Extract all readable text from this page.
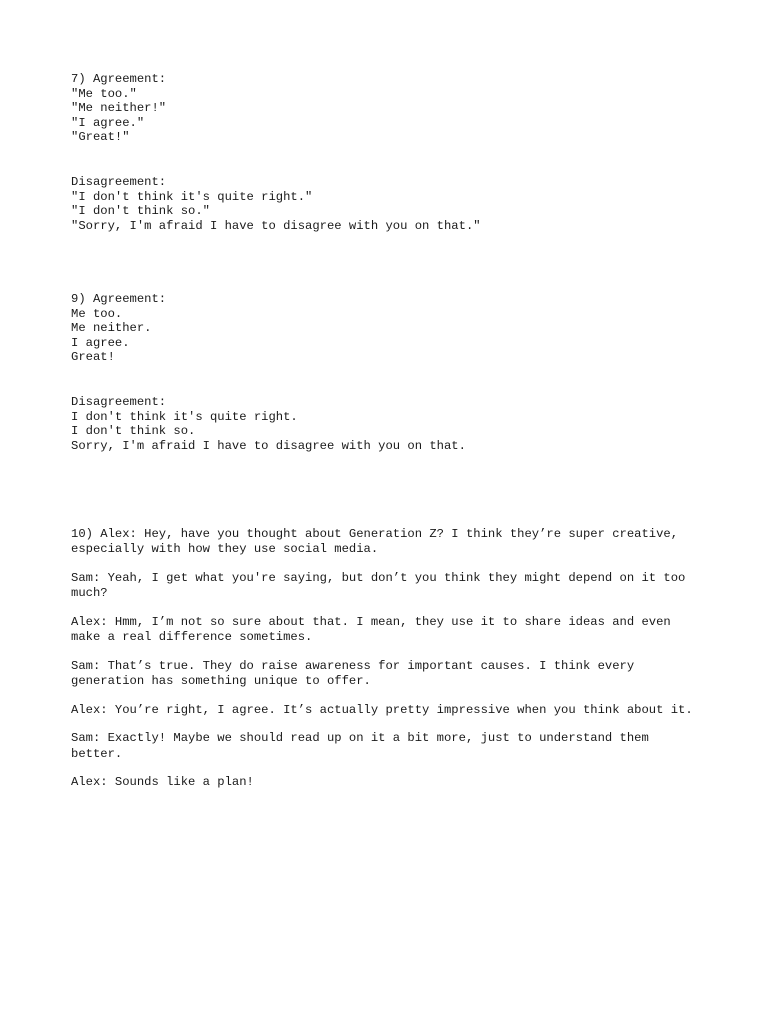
7) Agreement:
"Me too."
"Me neither!"
"I agree."
"Great!"
Disagreement:
"I don't think it's quite right."
"I don't think so."
"Sorry, I'm afraid I have to disagree with you on that."
9) Agreement:
Me too.
Me neither.
I agree.
Great!
Disagreement:
I don't think it's quite right.
I don't think so.
Sorry, I'm afraid I have to disagree with you on that.
10) Alex: Hey, have you thought about Generation Z? I think they’re super creative, especially with how they use social media.
Sam: Yeah, I get what you're saying, but don’t you think they might depend on it too much?
Alex: Hmm, I’m not so sure about that. I mean, they use it to share ideas and even make a real difference sometimes.
Sam: That’s true. They do raise awareness for important causes. I think every generation has something unique to offer.
Alex: You’re right, I agree. It’s actually pretty impressive when you think about it.
Sam: Exactly! Maybe we should read up on it a bit more, just to understand them better.
Alex: Sounds like a plan!
